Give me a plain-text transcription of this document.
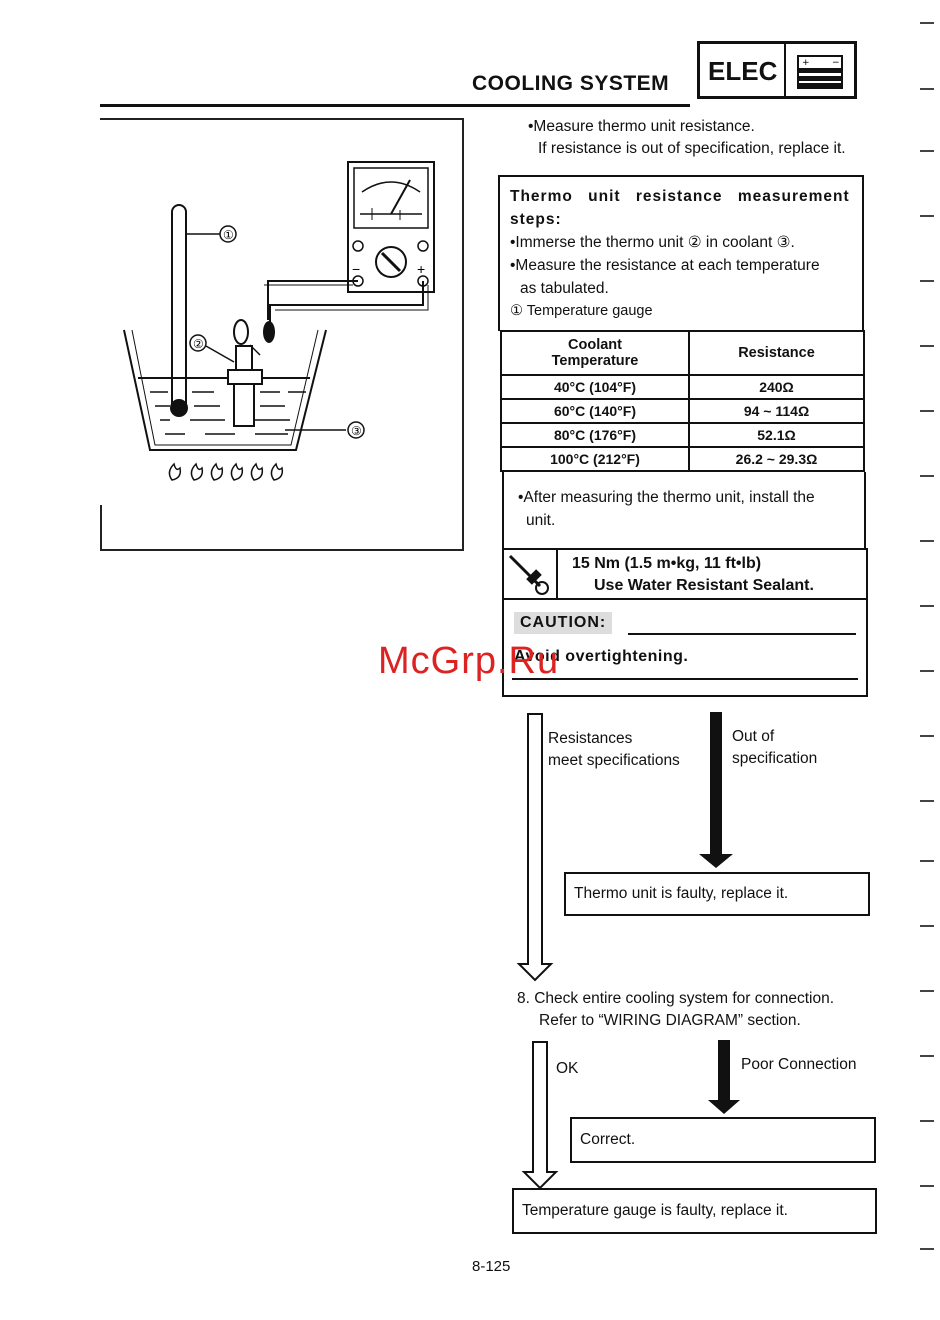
COOLING SYSTEM ELEC	+ −
−	+
①
②
③
•Measure thermo unit resistance.
If resistance is out of specification, replace it.
Thermo unit resistance measurement steps:
•Immerse the thermo unit ② in coolant ③.
•Measure the resistance at each temperature
as tabulated.
① Temperature gauge
Coolant
Temperature	Resistance
40°C (104°F)	240Ω
60°C (140°F)	94 ~ 114Ω
80°C (176°F)	52.1Ω
100°C (212°F)	26.2 ~ 29.3Ω
•After measuring the thermo unit, install the
unit.
15 Nm (1.5 m•kg, 11 ft•lb)
Use Water Resistant Sealant.
CAUTION:
Avoid overtightening.
McGrp.Ru
Resistances
meet specifications
Out of
specification
Thermo unit is faulty, replace it.
8. Check entire cooling system for connection.
Refer to “WIRING DIAGRAM” section.
OK	Poor Connection
Correct.
Temperature gauge is faulty, replace it.
8-125
